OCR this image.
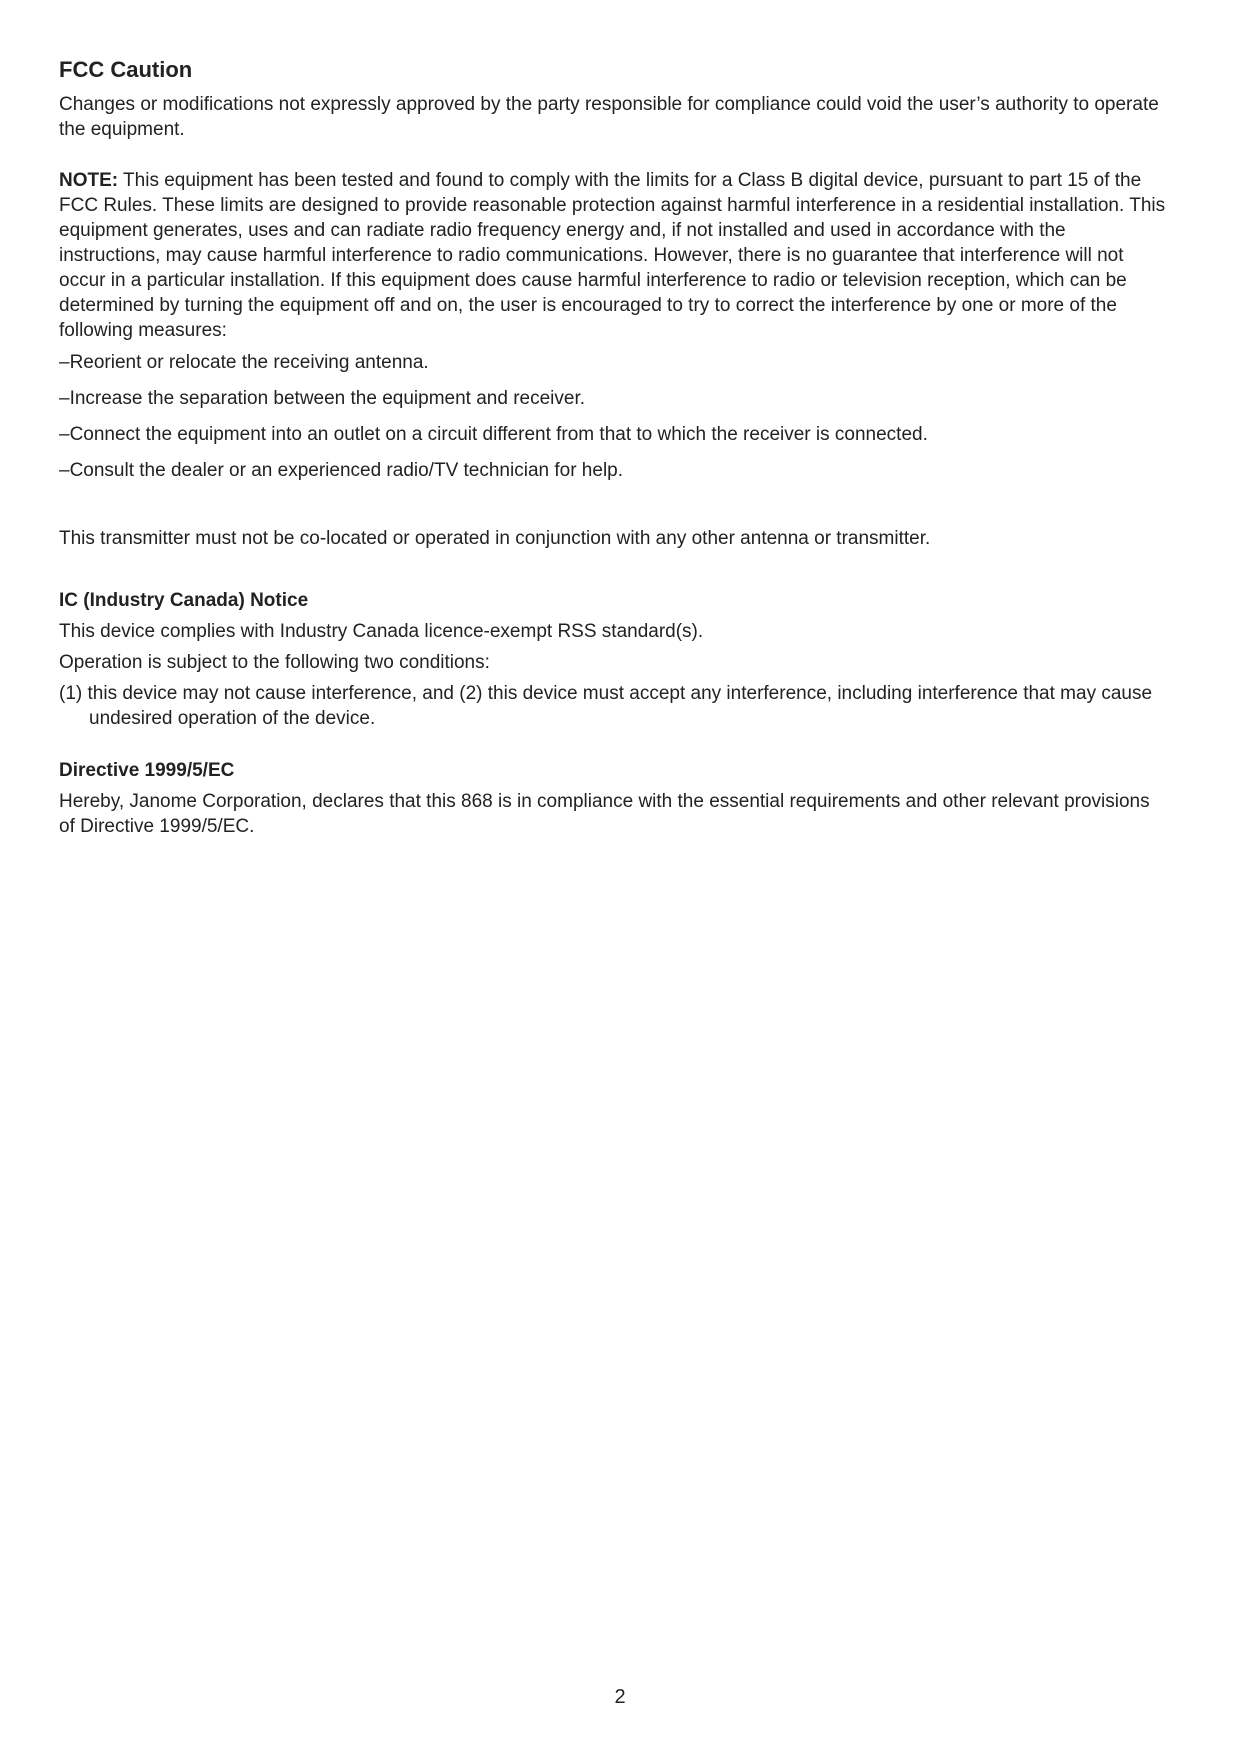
FCC Caution

Changes or modifications not expressly approved by the party responsible for compliance could void the user’s authority to operate the equipment.

NOTE: This equipment has been tested and found to comply with the limits for a Class B digital device, pursuant to part 15 of the FCC Rules. These limits are designed to provide reasonable protection against harmful interference in a residential installation. This equipment generates, uses and can radiate radio frequency energy and, if not installed and used in accordance with the instructions, may cause harmful interference to radio communications. However, there is no guarantee that interference will not occur in a particular installation. If this equipment does cause harmful interference to radio or television reception, which can be determined by turning the equipment off and on, the user is encouraged to try to correct the interference by one or more of the following measures:

–Reorient or relocate the receiving antenna.
–Increase the separation between the equipment and receiver.
–Connect the equipment into an outlet on a circuit different from that to which the receiver is connected.
–Consult the dealer or an experienced radio/TV technician for help.

This transmitter must not be co-located or operated in conjunction with any other antenna or transmitter.

IC (Industry Canada) Notice

This device complies with Industry Canada licence-exempt RSS standard(s).

Operation is subject to the following two conditions:

(1) this device may not cause interference, and (2) this device must accept any interference, including interference that may cause undesired operation of the device.
Directive 1999/5/EC

Hereby, Janome Corporation, declares that this 868 is in compliance with the essential requirements and other relevant provisions of Directive 1999/5/EC.

2
